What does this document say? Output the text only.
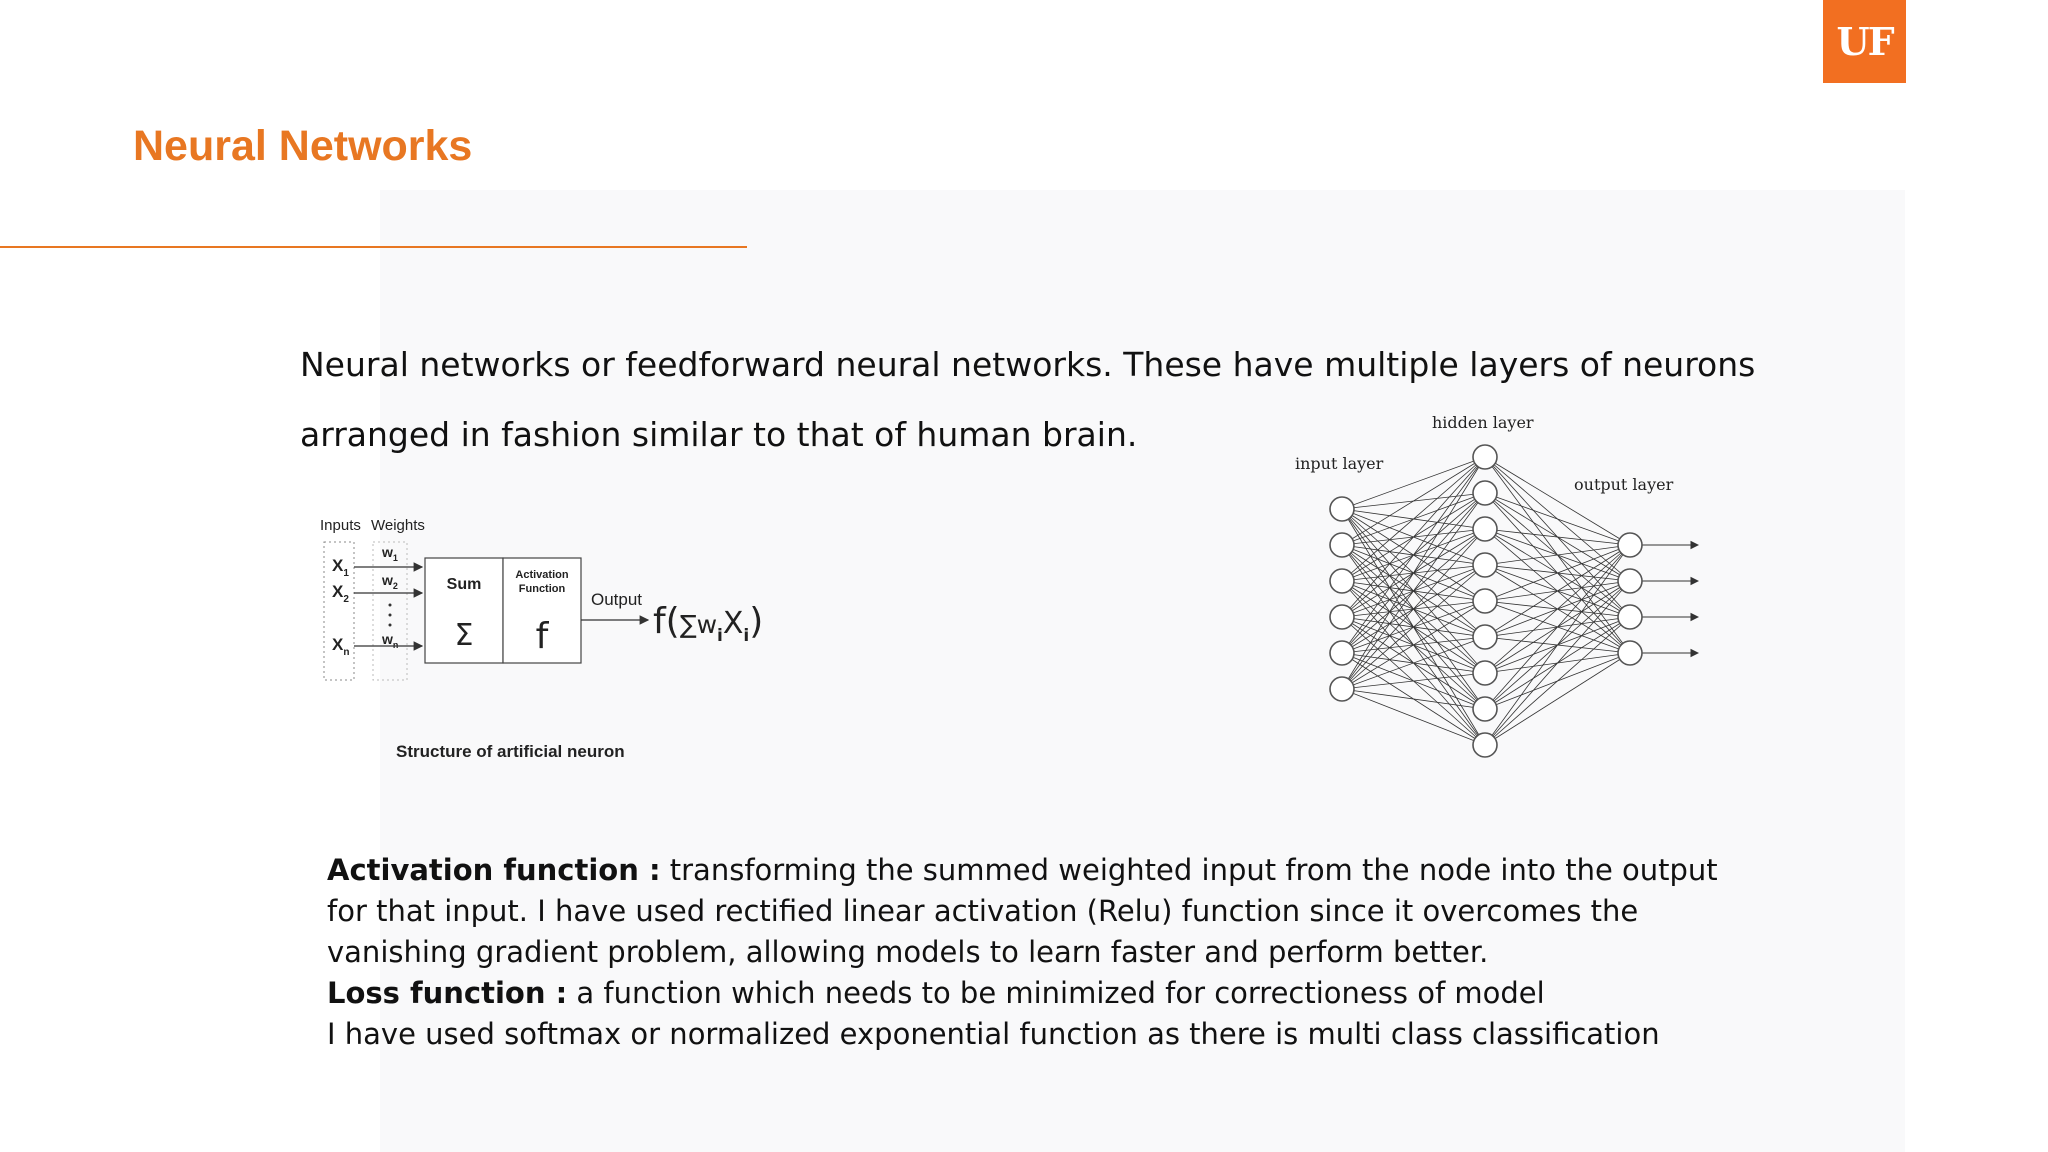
UF
Neural Networks

Neural networks or feedforward neural networks. These have multiple layers of neurons
arranged in fashion similar to that of human brain.

Inputs Weights
$X_1$
$X_2$
$X_n$
$w_1$
$w_2$
$w_n$
Sum
Σ
Activation
Function
f
Output
$f(\sum w_i^X_i)$
Structure of artificial neuron
input layer
hidden layer
output layer

Activation function : transforming the summed weighted input from the node into the output for that input. I have used rectified linear activation (Relu) function since it overcomes the vanishing gradient problem, allowing models to learn faster and perform better.

Loss function : a function which needs to be minimized for correctioness of model

I have used softmax or normalized exponential function as there is multi class classification
